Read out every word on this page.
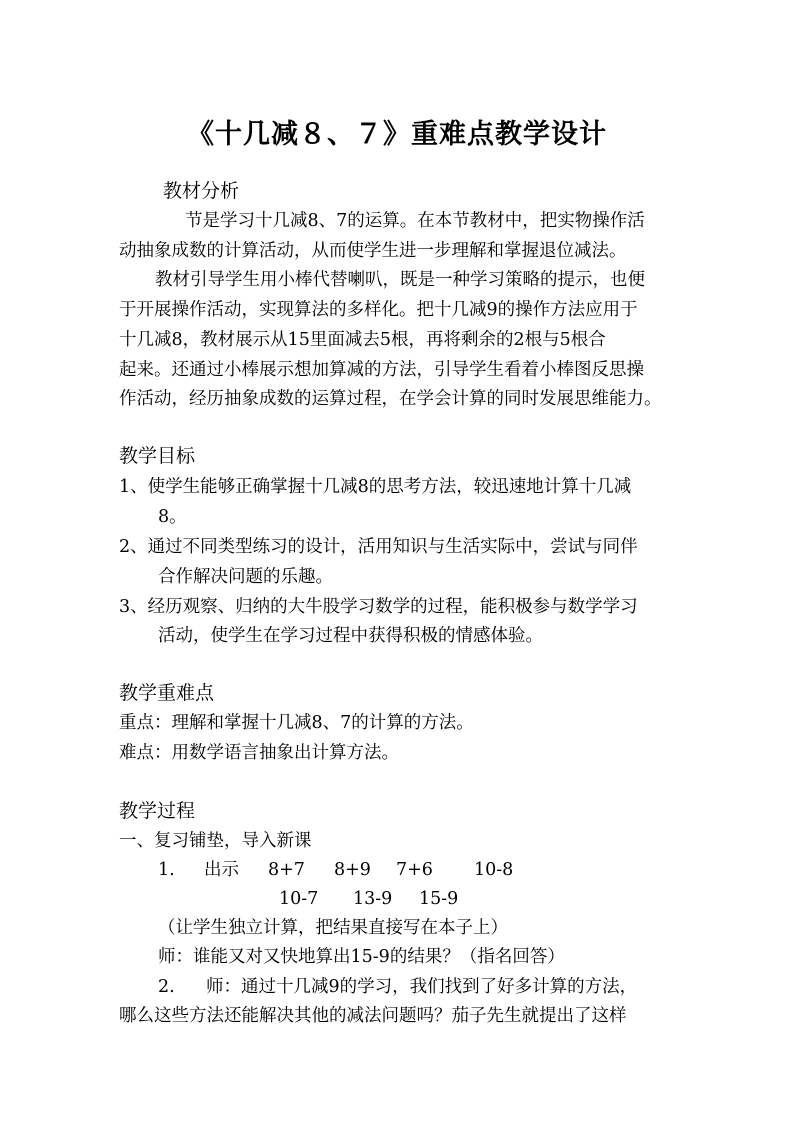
《十几减８、７》重难点教学设计
教材分析
节是学习十几减8、7的运算。在本节教材中，把实物操作活
动抽象成数的计算活动，从而使学生进一步理解和掌握退位减法。
教材引导学生用小棒代替喇叭，既是一种学习策略的提示，也便
于开展操作活动，实现算法的多样化。把十几减9的操作方法应用于
十几减8，教材展示从15里面减去5根，再将剩余的2根与5根合
起来。还通过小棒展示想加算减的方法，引导学生看着小棒图反思操
作活动，经历抽象成数的运算过程，在学会计算的同时发展思维能力。
教学目标
1、使学生能够正确掌握十几减8的思考方法，较迅速地计算十几减
8。
2、通过不同类型练习的设计，活用知识与生活实际中，尝试与同伴
合作解决问题的乐趣。
3、经历观察、归纳的大牛股学习数学的过程，能积极参与数学学习
活动，使学生在学习过程中获得积极的情感体验。
教学重难点
重点：理解和掌握十几减8、7的计算的方法。
难点：用数学语言抽象出计算方法。
教学过程
一、复习铺垫，导入新课
1. 出示 8+7 8+9 7+6 10-8
10-7 13-9 15-9
（让学生独立计算，把结果直接写在本子上）
师：谁能又对又快地算出15-9的结果？（指名回答）
2. 师：通过十几减9的学习，我们找到了好多计算的方法，
哪么这些方法还能解决其他的减法问题吗？茄子先生就提出了这样
